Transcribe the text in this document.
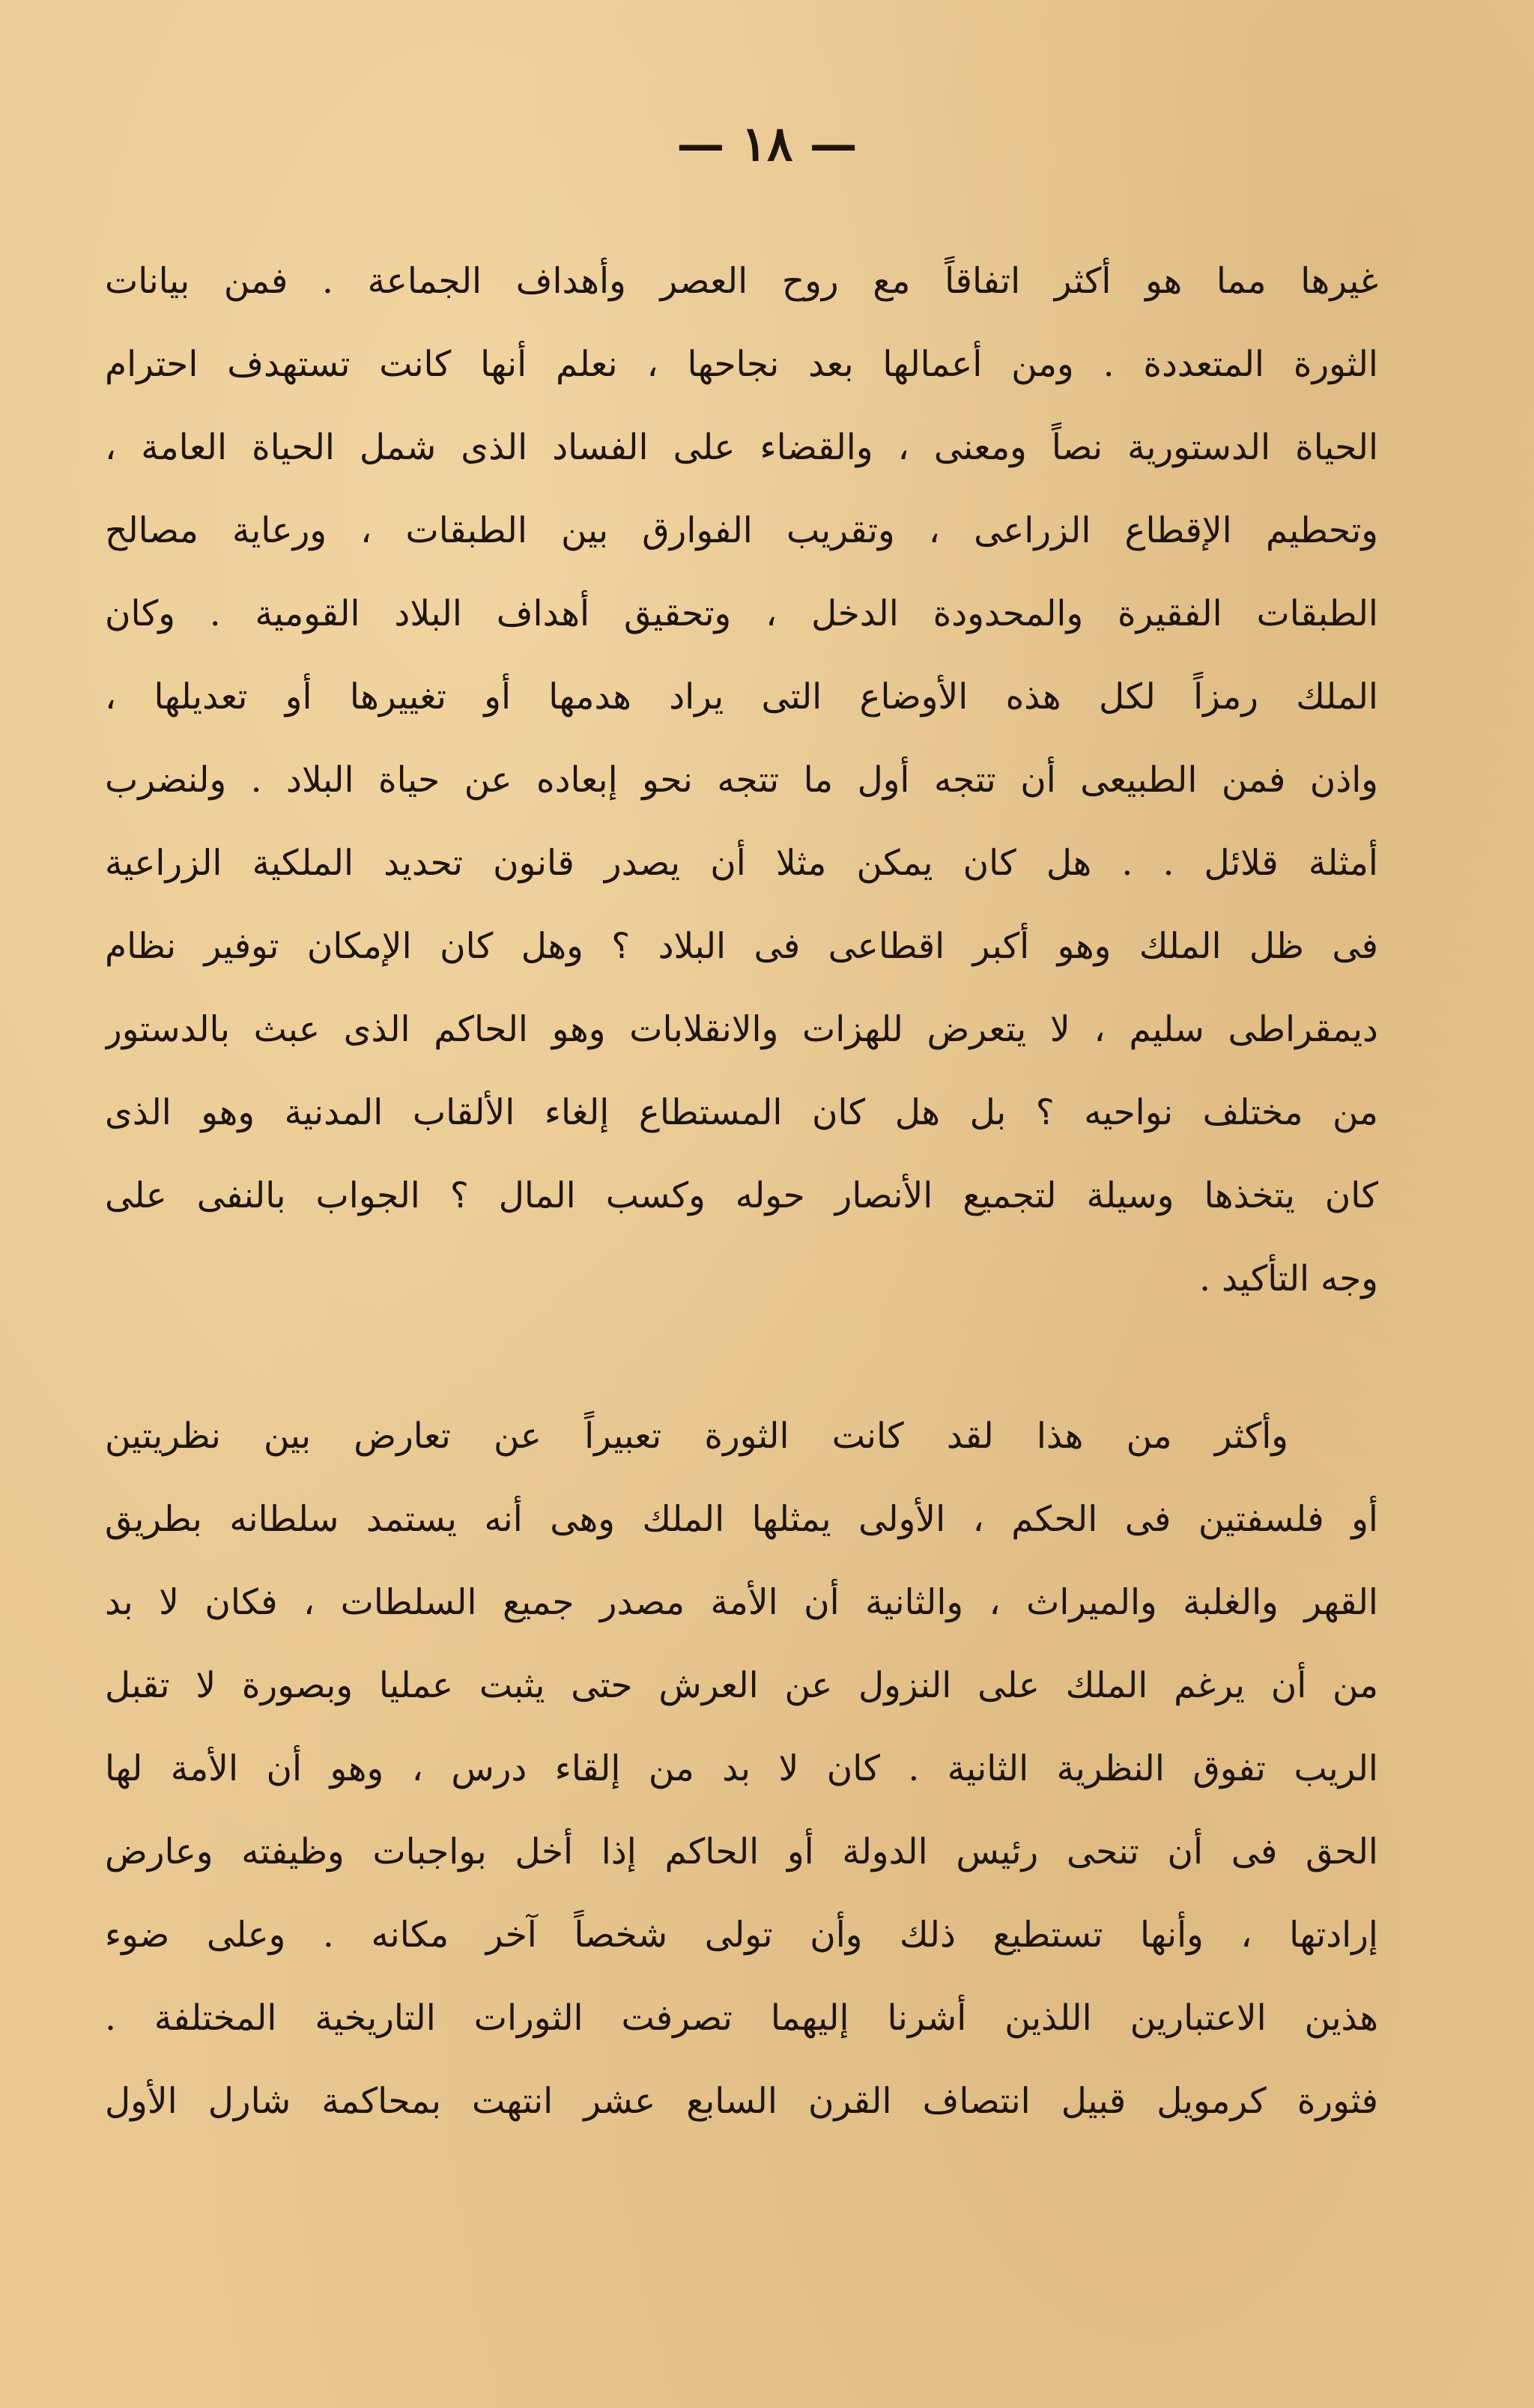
— ١٨ —
غيرها مما هو أكثر اتفاقاً مع روح العصر وأهداف الجماعة . فمن بيانات
الثورة المتعددة . ومن أعمالها بعد نجاحها ، نعلم أنها كانت تستهدف احترام
الحياة الدستورية نصاً ومعنى ، والقضاء على الفساد الذى شمل الحياة العامة ،
وتحطيم الإقطاع الزراعى ، وتقريب الفوارق بين الطبقات ، ورعاية مصالح
الطبقات الفقيرة والمحدودة الدخل ، وتحقيق أهداف البلاد القومية . وكان
الملك رمزاً لكل هذه الأوضاع التى يراد هدمها أو تغييرها أو تعديلها ،
واذن فمن الطبيعى أن تتجه أول ما تتجه نحو إبعاده عن حياة البلاد . ولنضرب
أمثلة قلائل . . هل كان يمكن مثلا أن يصدر قانون تحديد الملكية الزراعية
فى ظل الملك وهو أكبر اقطاعى فى البلاد ؟ وهل كان الإمكان توفير نظام
ديمقراطى سليم ، لا يتعرض للهزات والانقلابات وهو الحاكم الذى عبث بالدستور
من مختلف نواحيه ؟ بل هل كان المستطاع إلغاء الألقاب المدنية وهو الذى
كان يتخذها وسيلة لتجميع الأنصار حوله وكسب المال ؟ الجواب بالنفى على
وجه التأكيد .
وأكثر من هذا لقد كانت الثورة تعبيراً عن تعارض بين نظريتين
أو فلسفتين فى الحكم ، الأولى يمثلها الملك وهى أنه يستمد سلطانه بطريق
القهر والغلبة والميراث ، والثانية أن الأمة مصدر جميع السلطات ، فكان لا بد
من أن يرغم الملك على النزول عن العرش حتى يثبت عمليا وبصورة لا تقبل
الريب تفوق النظرية الثانية . كان لا بد من إلقاء درس ، وهو أن الأمة لها
الحق فى أن تنحى رئيس الدولة أو الحاكم إذا أخل بواجبات وظيفته وعارض
إرادتها ، وأنها تستطيع ذلك وأن تولى شخصاً آخر مكانه . وعلى ضوء
هذين الاعتبارين اللذين أشرنا إليهما تصرفت الثورات التاريخية المختلفة .
فثورة كرمويل قبيل انتصاف القرن السابع عشر انتهت بمحاكمة شارل الأول
